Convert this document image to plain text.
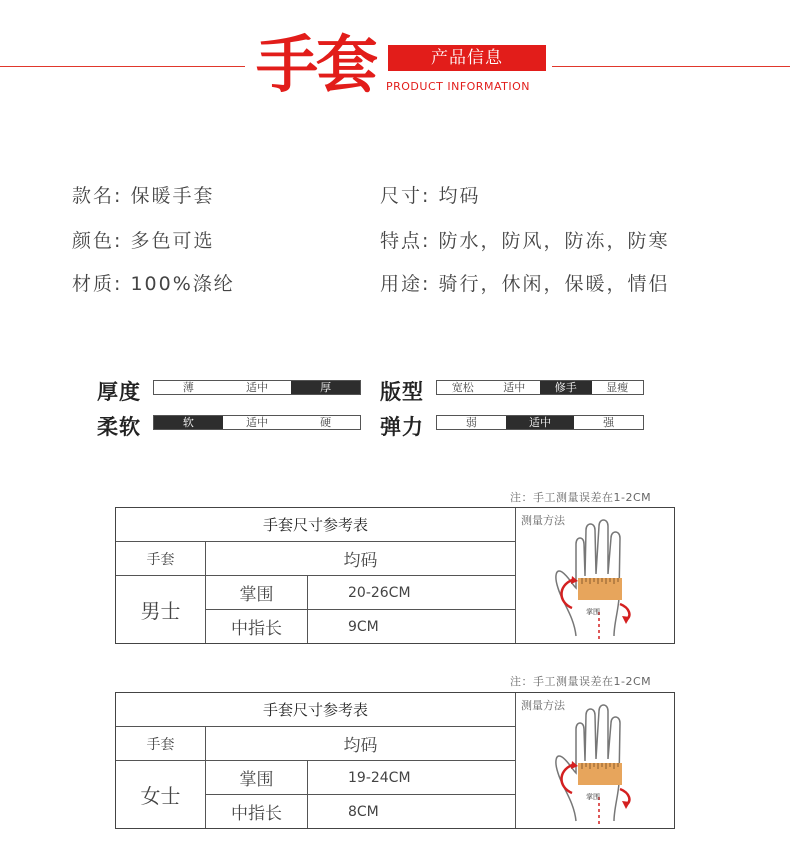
手套	产品信息
PRODUCT INFORMATION
款名: 保暖手套
颜色: 多色可选
材质: 100%涤纶
尺寸: 均码
特点: 防水，防风，防冻，防寒
用途: 骑行，休闲，保暖，情侣
厚度	薄	适中	厚	版型	宽松	适中	修手	显瘦
柔软	软	适中	硬	弹力	弱	适中	强
注：手工测量误差在1-2CM
手套尺寸参考表
手套	均码
男士
掌围	20-26CM
中指长	9CM
测量方法
掌围
注：手工测量误差在1-2CM
手套尺寸参考表
手套	均码
女士
掌围	19-24CM
中指长	8CM
测量方法
掌围
